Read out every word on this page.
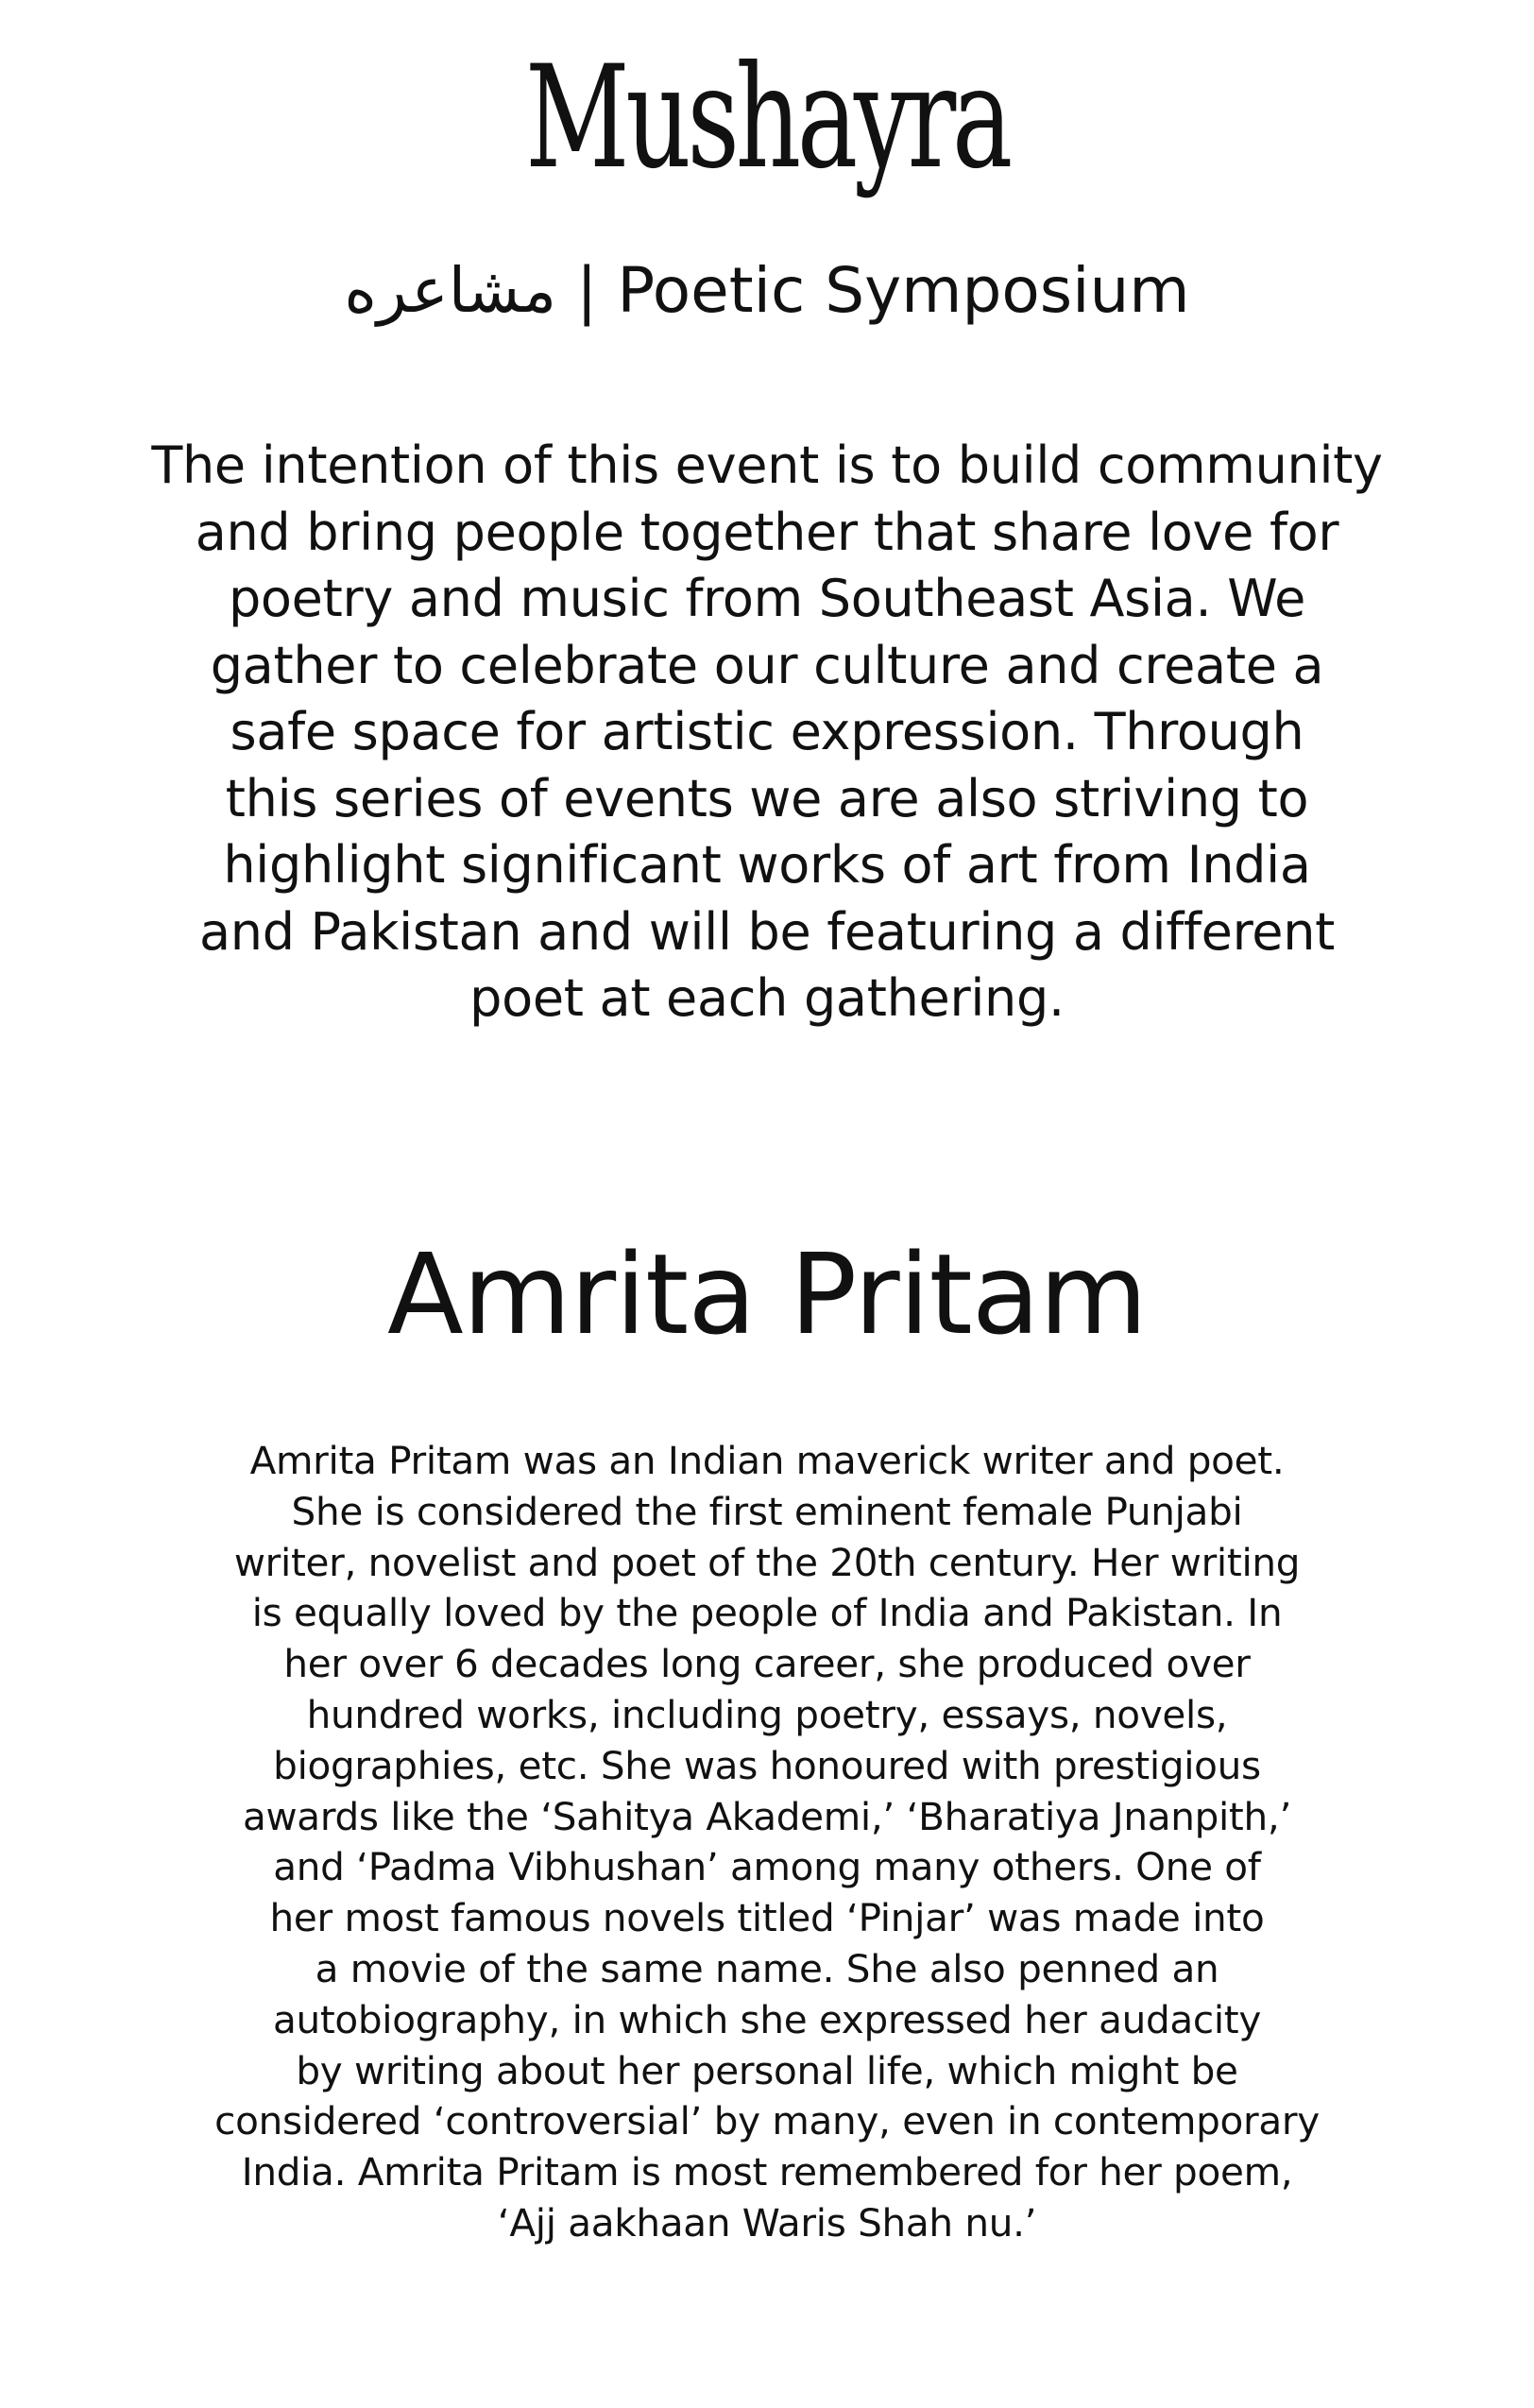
Mushayra
مشاعره | Poetic Symposium
The intention of this event is to build community
and bring people together that share love for
poetry and music from Southeast Asia. We
gather to celebrate our culture and create a
safe space for artistic expression. Through
this series of events we are also striving to
highlight significant works of art from India
and Pakistan and will be featuring a different
poet at each gathering.
Amrita Pritam
Amrita Pritam was an Indian maverick writer and poet.
She is considered the first eminent female Punjabi
writer, novelist and poet of the 20th century. Her writing
is equally loved by the people of India and Pakistan. In
her over 6 decades long career, she produced over
hundred works, including poetry, essays, novels,
biographies, etc. She was honoured with prestigious
awards like the ‘Sahitya Akademi,’ ‘Bharatiya Jnanpith,’
and ‘Padma Vibhushan’ among many others. One of
her most famous novels titled ‘Pinjar’ was made into
a movie of the same name. She also penned an
autobiography, in which she expressed her audacity
by writing about her personal life, which might be
considered ‘controversial’ by many, even in contemporary
India. Amrita Pritam is most remembered for her poem,
‘Ajj aakhaan Waris Shah nu.’
